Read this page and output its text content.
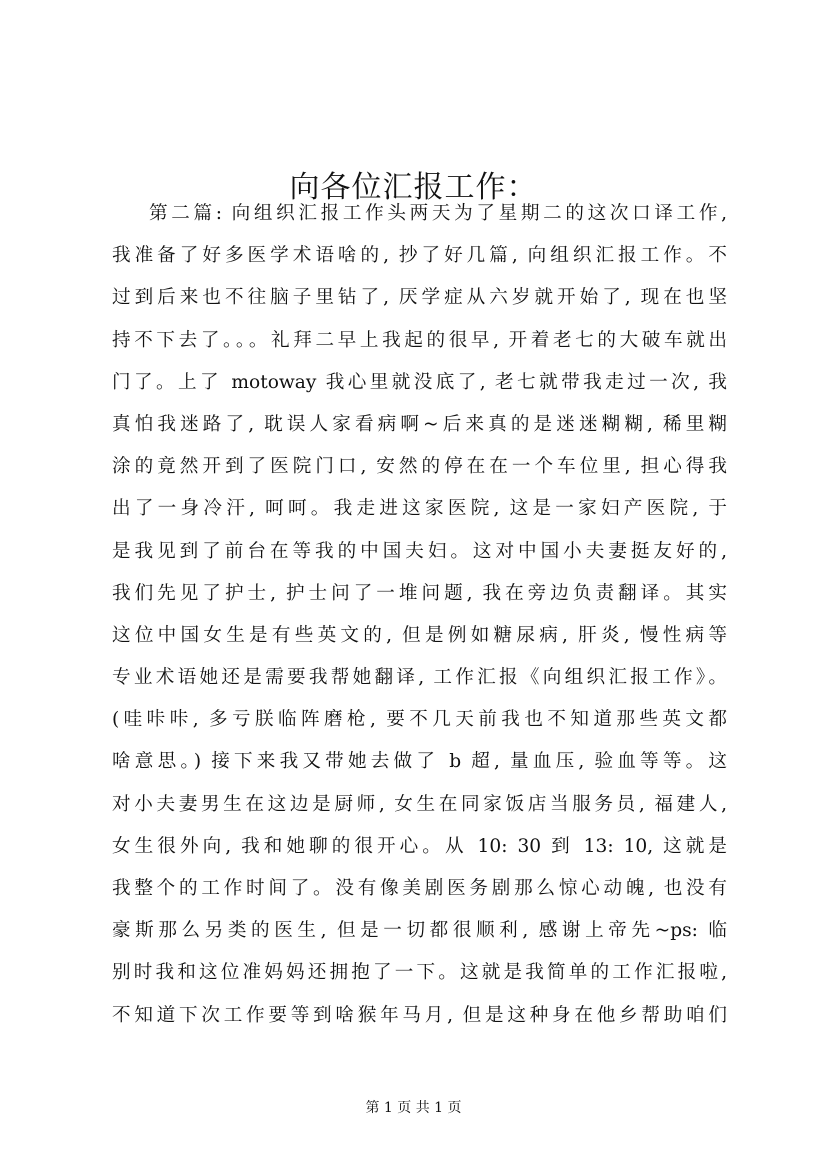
向各位汇报工作：
第二篇: 向组织汇报工作头两天为了星期二的这次口译工作,
我准备了好多医学术语啥的, 抄了好几篇, 向组织汇报工作。不
过到后来也不往脑子里钻了, 厌学症从六岁就开始了, 现在也坚
持不下去了。。。礼拜二早上我起的很早, 开着老七的大破车就出
门了。上了 motoway 我心里就没底了, 老七就带我走过一次, 我
真怕我迷路了, 耽误人家看病啊~后来真的是迷迷糊糊, 稀里糊
涂的竟然开到了医院门口, 安然的停在在一个车位里, 担心得我
出了一身冷汗, 呵呵。我走进这家医院, 这是一家妇产医院, 于
是我见到了前台在等我的中国夫妇。这对中国小夫妻挺友好的,
我们先见了护士, 护士问了一堆问题, 我在旁边负责翻译。其实
这位中国女生是有些英文的, 但是例如糖尿病, 肝炎, 慢性病等
专业术语她还是需要我帮她翻译, 工作汇报《向组织汇报工作》。
(哇咔咔, 多亏朕临阵磨枪, 要不几天前我也不知道那些英文都
啥意思。) 接下来我又带她去做了 b 超, 量血压, 验血等等。这
对小夫妻男生在这边是厨师, 女生在同家饭店当服务员, 福建人,
女生很外向, 我和她聊的很开心。从 10: 30 到 13: 10, 这就是
我整个的工作时间了。没有像美剧医务剧那么惊心动魄, 也没有
豪斯那么另类的医生, 但是一切都很顺利, 感谢上帝先~ps: 临
别时我和这位准妈妈还拥抱了一下。这就是我简单的工作汇报啦,
不知道下次工作要等到啥猴年马月, 但是这种身在他乡帮助咱们
第 1 页 共 1 页
